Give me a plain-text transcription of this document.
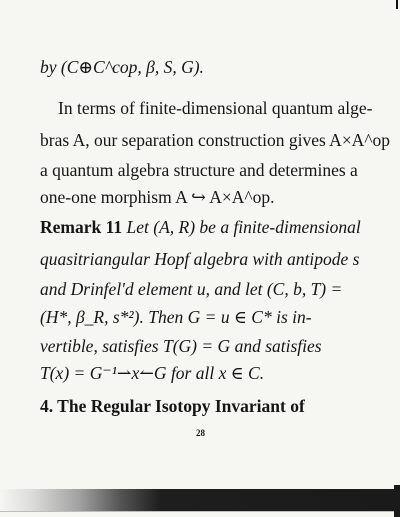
by (C⊕C^cop, β, S, G).
In terms of finite-dimensional quantum alge-
bras A, our separation construction gives A×A^op
a quantum algebra structure and determines a
one-one morphism A ↪ A×A^op.
Remark 11 Let (A, R) be a finite-dimensional
quasitriangular Hopf algebra with antipode s
and Drinfel'd element u, and let (C, b, T) =
(H*, β_R, s*²). Then G = u ∈ C* is in-
vertible, satisfies T(G) = G and satisfies
T(x) = G⁻¹⇀x↼G for all x ∈ C.
4. The Regular Isotopy Invariant of
28
